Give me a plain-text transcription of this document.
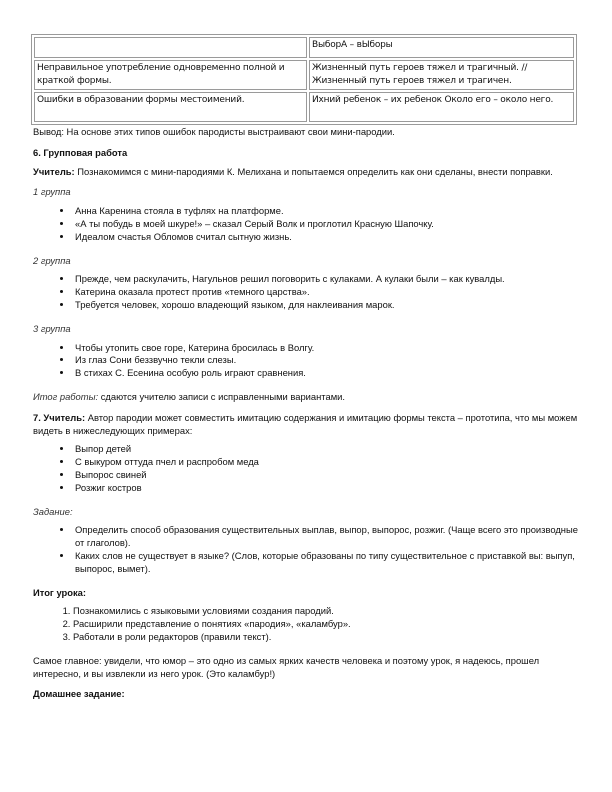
	ВыборА – вЫборы
Неправильное употребление одновременно полной и краткой формы.	Жизненный путь героев тяжел и трагичный. // Жизненный путь героев тяжел и трагичен.
Ошибки в образовании формы местоимений.	Ихний ребенок – их ребенок Около его – около него.

Вывод: На основе этих типов ошибок пародисты выстраивают свои мини-пародии.

6. Групповая работа

Учитель: Познакомимся с мини-пародиями К. Мелихана и попытаемся определить как они сделаны, внести поправки.

1 группа

• Анна Каренина стояла в туфлях на платформе.
• «А ты побудь в моей шкуре!» – сказал Серый Волк и проглотил Красную Шапочку.
• Идеалом счастья Обломов считал сытную жизнь.

2 группа

• Прежде, чем раскулачить, Нагульнов решил поговорить с кулаками. А кулаки были – как кувалды.
• Катерина оказала протест против «темного царства».
• Требуется человек, хорошо владеющий языком, для наклеивания марок.

3 группа

• Чтобы утопить свое горе, Катерина бросилась в Волгу.
• Из глаз Сони беззвучно текли слезы.
• В стихах С. Есенина особую роль играют сравнения.

Итог работы: сдаются учителю записи с исправленными вариантами.

7. Учитель: Автор пародии может совместить имитацию содержания и имитацию формы текста – прототипа, что мы можем видеть в нижеследующих примерах:

• Выпор детей
• С выкуром оттуда пчел и распробом меда
• Выпорос свиней
• Розжиг костров

Задание:

• Определить способ образования существительных выплав, выпор, выпорос, розжиг. (Чаще всего это производные от глаголов).
• Каких слов не существует в языке? (Слов, которые образованы по типу существительное с приставкой вы: выпуп, выпорос, вымет).

Итог урока:

1. Познакомились с языковыми условиями создания пародий.
2. Расширили представление о понятиях «пародия», «каламбур».
3. Работали в роли редакторов (правили текст).

Самое главное: увидели, что юмор – это одно из самых ярких качеств человека и поэтому урок, я надеюсь, прошел интересно, и вы извлекли из него урок. (Это каламбур!)

Домашнее задание:
